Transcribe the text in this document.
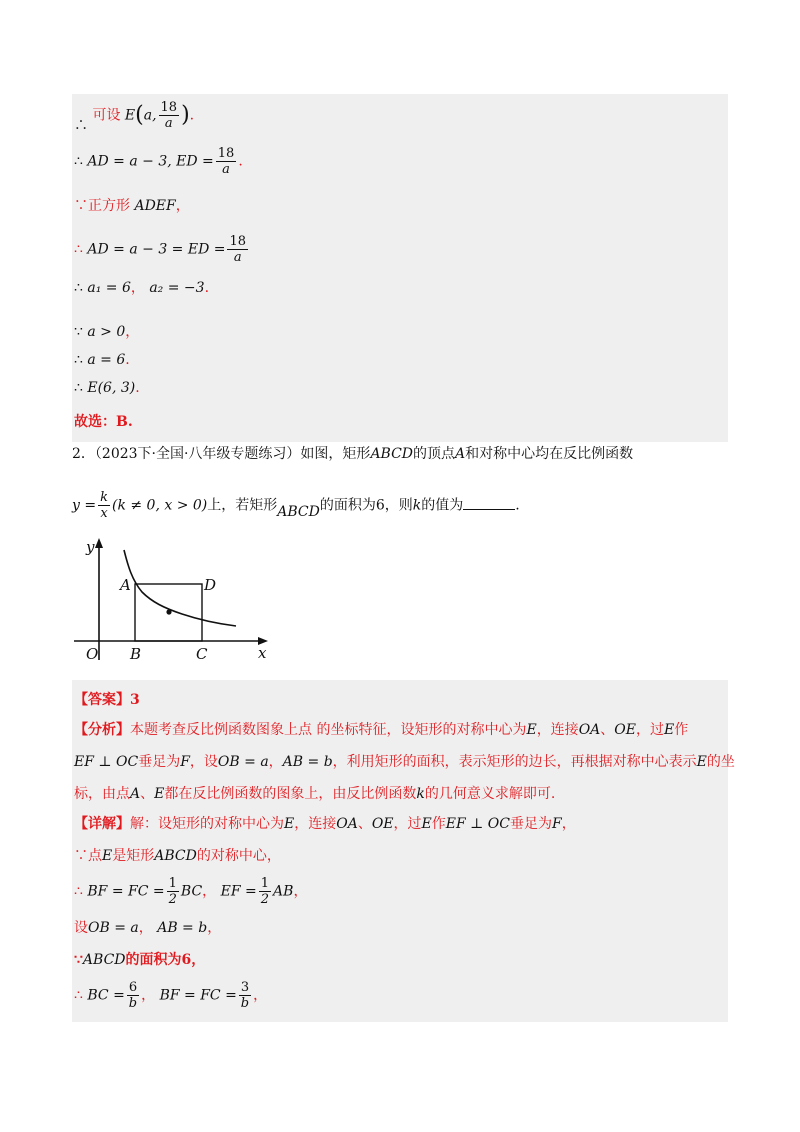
∴ 可设 E(a, $\frac{18}{a}$ ).
∴ AD = a − 3, ED = $\frac{18}{a}$ .
∵正方形 ADEF，
∴ AD = a − 3 = ED = $\frac{18}{a}$
∴ a₁ = 6， a₂ = −3.
∵ a > 0，
∴ a = 6.
∴ E(6, 3).
故选：B.
2．（2023下·全国·八年级专题练习）如图，矩形ABCD的顶点A和对称中心均在反比例函数
$y = \frac{k}{x} (k \ne 0$, x > 0)上，若矩形ABCD的面积为6，则k的值为	.
y
x
O
A
B	C
D
【答案】3
【分析】本题考查反比例函数图象上点 的坐标特征，设矩形的对称中心为E，连接OA、OE，过E作
EF ⊥ OC垂足为F，设OB = a，AB = b，利用矩形的面积，表示矩形的边长，再根据对称中心表示E的坐
标，由点A、E都在反比例函数的图象上，由反比例函数k的几何意义求解即可.
【详解】解：设矩形的对称中心为E，连接OA、OE，过E作EF ⊥ OC垂足为F，
∵点E是矩形ABCD的对称中心，
∴ BF = FC = $\frac{1}{2}$ BC， EF = $\frac{1}{2}$ AB，
设OB = a， AB = b，
∵ABCD的面积为6，
∴ BC = $\frac{6}{b}$ ， BF = FC = $\frac{3}{b}$ ，
